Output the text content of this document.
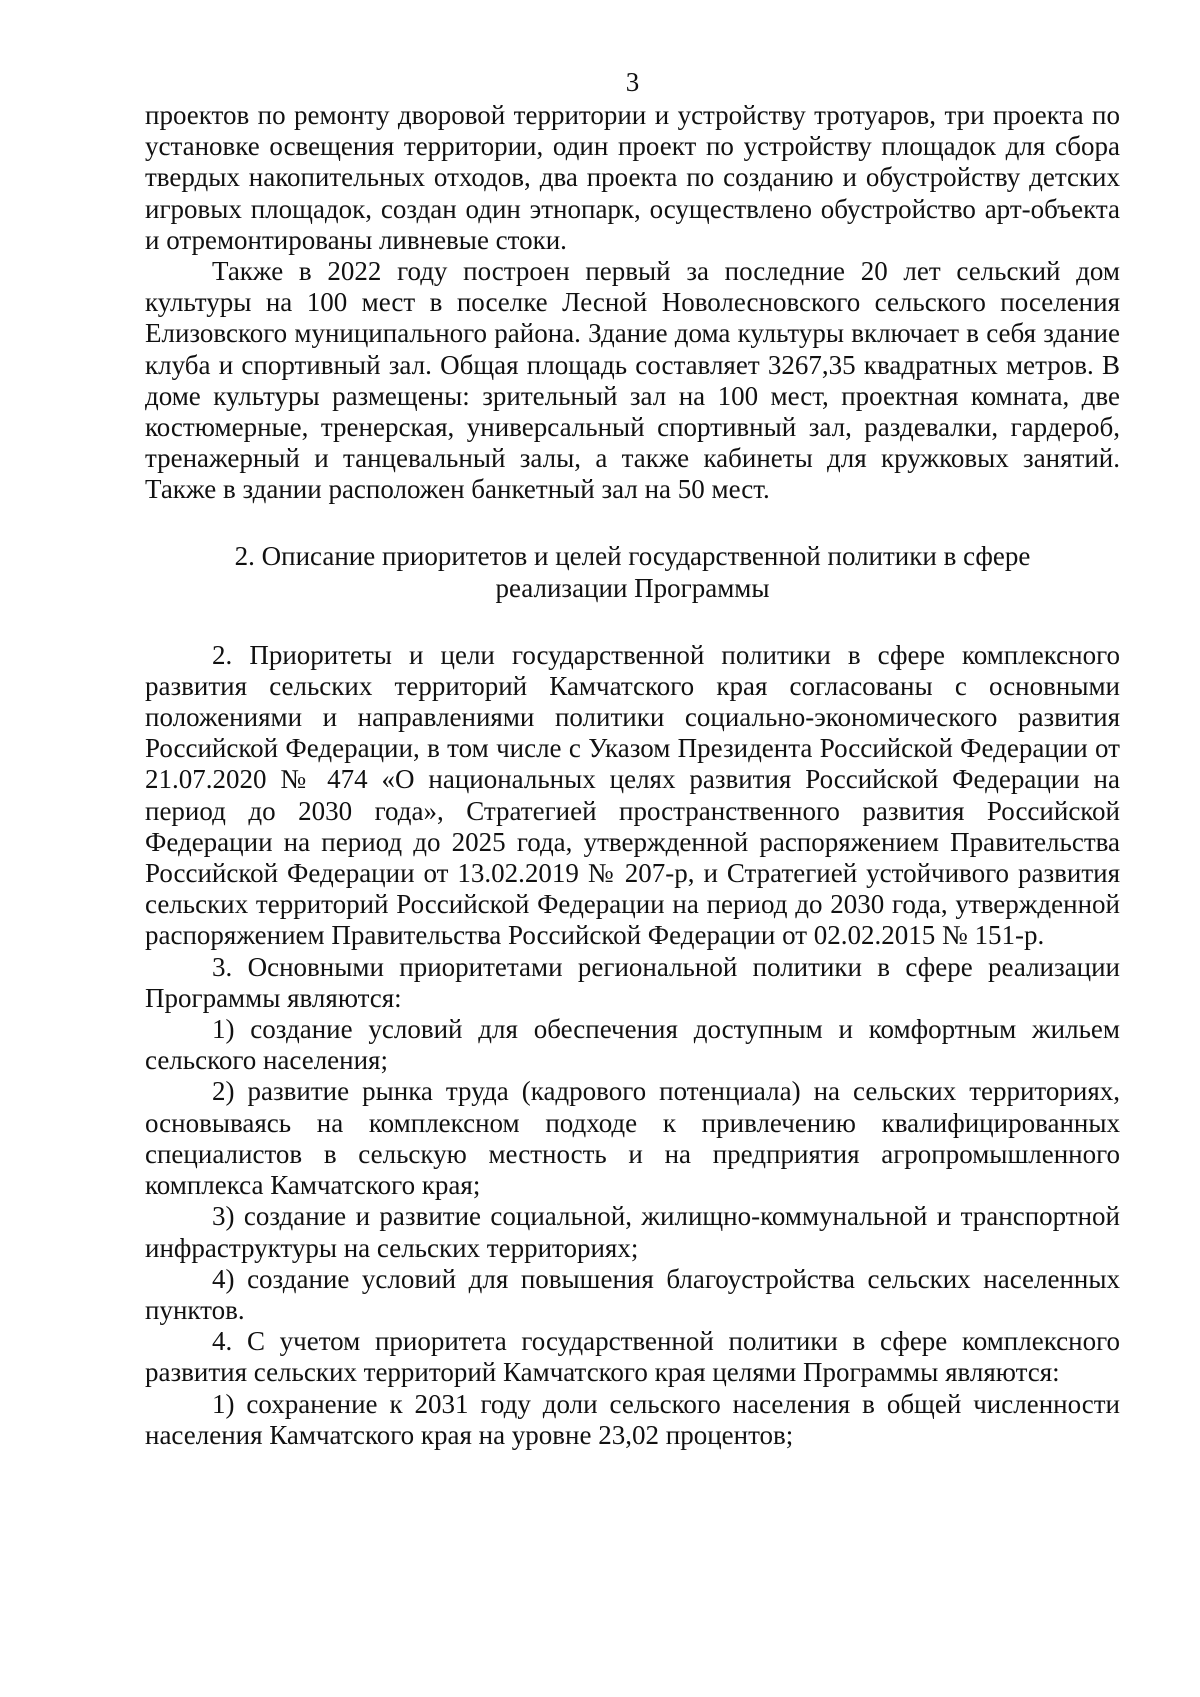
3

проектов по ремонту дворовой территории и устройству тротуаров, три проекта по установке освещения территории, один проект по устройству площадок для сбора твердых накопительных отходов, два проекта по созданию и обустройству детских игровых площадок, создан один этнопарк, осуществлено обустройство арт-объекта и отремонтированы ливневые стоки.

Также в 2022 году построен первый за последние 20 лет сельский дом культуры на 100 мест в поселке Лесной Новолесновского сельского поселения Елизовского муниципального района. Здание дома культуры включает в себя здание клуба и спортивный зал. Общая площадь составляет 3267,35 квадратных метров. В доме культуры размещены: зрительный зал на 100 мест, проектная комната, две костюмерные, тренерская, универсальный спортивный зал, раздевалки, гардероб, тренажерный и танцевальный залы, а также кабинеты для кружковых занятий. Также в здании расположен банкетный зал на 50 мест.

2. Описание приоритетов и целей государственной политики в сфере реализации Программы

2. Приоритеты и цели государственной политики в сфере комплексного развития сельских территорий Камчатского края согласованы с основными положениями и направлениями политики социально-экономического развития Российской Федерации, в том числе с Указом Президента Российской Федерации от 21.07.2020 № 474 «О национальных целях развития Российской Федерации на период до 2030 года», Стратегией пространственного развития Российской Федерации на период до 2025 года, утвержденной распоряжением Правительства Российской Федерации от 13.02.2019 № 207-р, и Стратегией устойчивого развития сельских территорий Российской Федерации на период до 2030 года, утвержденной распоряжением Правительства Российской Федерации от 02.02.2015 № 151-р.

3. Основными приоритетами региональной политики в сфере реализации Программы являются:

1) создание условий для обеспечения доступным и комфортным жильем сельского населения;

2) развитие рынка труда (кадрового потенциала) на сельских территориях, основываясь на комплексном подходе к привлечению квалифицированных специалистов в сельскую местность и на предприятия агропромышленного комплекса Камчатского края;

3) создание и развитие социальной, жилищно-коммунальной и транспортной инфраструктуры на сельских территориях;

4) создание условий для повышения благоустройства сельских населенных пунктов.

4. С учетом приоритета государственной политики в сфере комплексного развития сельских территорий Камчатского края целями Программы являются:

1) сохранение к 2031 году доли сельского населения в общей численности населения Камчатского края на уровне 23,02 процентов;
